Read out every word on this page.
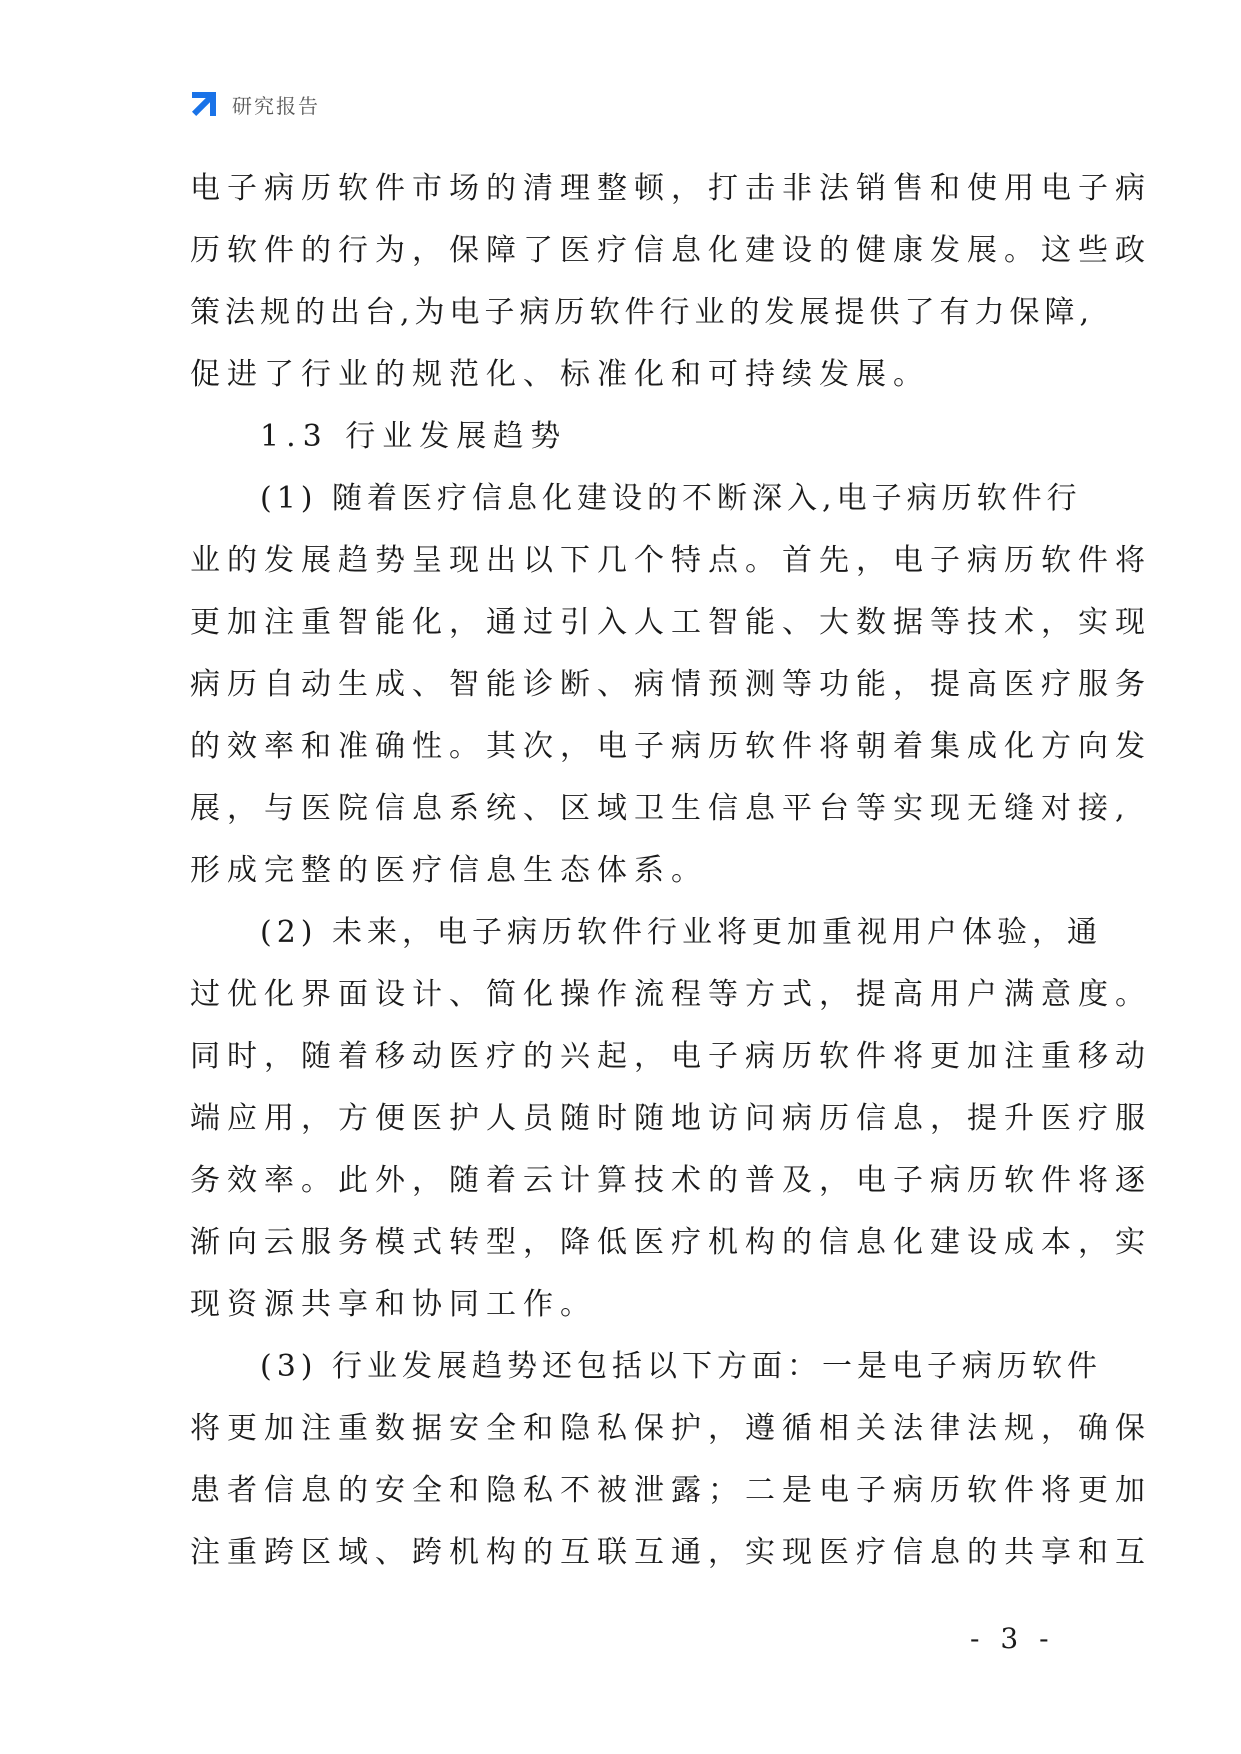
研究报告
电子病历软件市场的清理整顿，打击非法销售和使用电子病
历软件的行为，保障了医疗信息化建设的健康发展。这些政
策法规的出台,为电子病历软件行业的发展提供了有力保障,
促进了行业的规范化、标准化和可持续发展。
1.3 行业发展趋势
(1) 随着医疗信息化建设的不断深入,电子病历软件行
业的发展趋势呈现出以下几个特点。首先，电子病历软件将
更加注重智能化，通过引入人工智能、大数据等技术，实现
病历自动生成、智能诊断、病情预测等功能，提高医疗服务
的效率和准确性。其次，电子病历软件将朝着集成化方向发
展，与医院信息系统、区域卫生信息平台等实现无缝对接,
形成完整的医疗信息生态体系。
(2) 未来，电子病历软件行业将更加重视用户体验，通
过优化界面设计、简化操作流程等方式，提高用户满意度。
同时，随着移动医疗的兴起，电子病历软件将更加注重移动
端应用，方便医护人员随时随地访问病历信息，提升医疗服
务效率。此外，随着云计算技术的普及，电子病历软件将逐
渐向云服务模式转型，降低医疗机构的信息化建设成本，实
现资源共享和协同工作。
(3) 行业发展趋势还包括以下方面：一是电子病历软件
将更加注重数据安全和隐私保护，遵循相关法律法规，确保
患者信息的安全和隐私不被泄露；二是电子病历软件将更加
注重跨区域、跨机构的互联互通，实现医疗信息的共享和互
- 3 -
